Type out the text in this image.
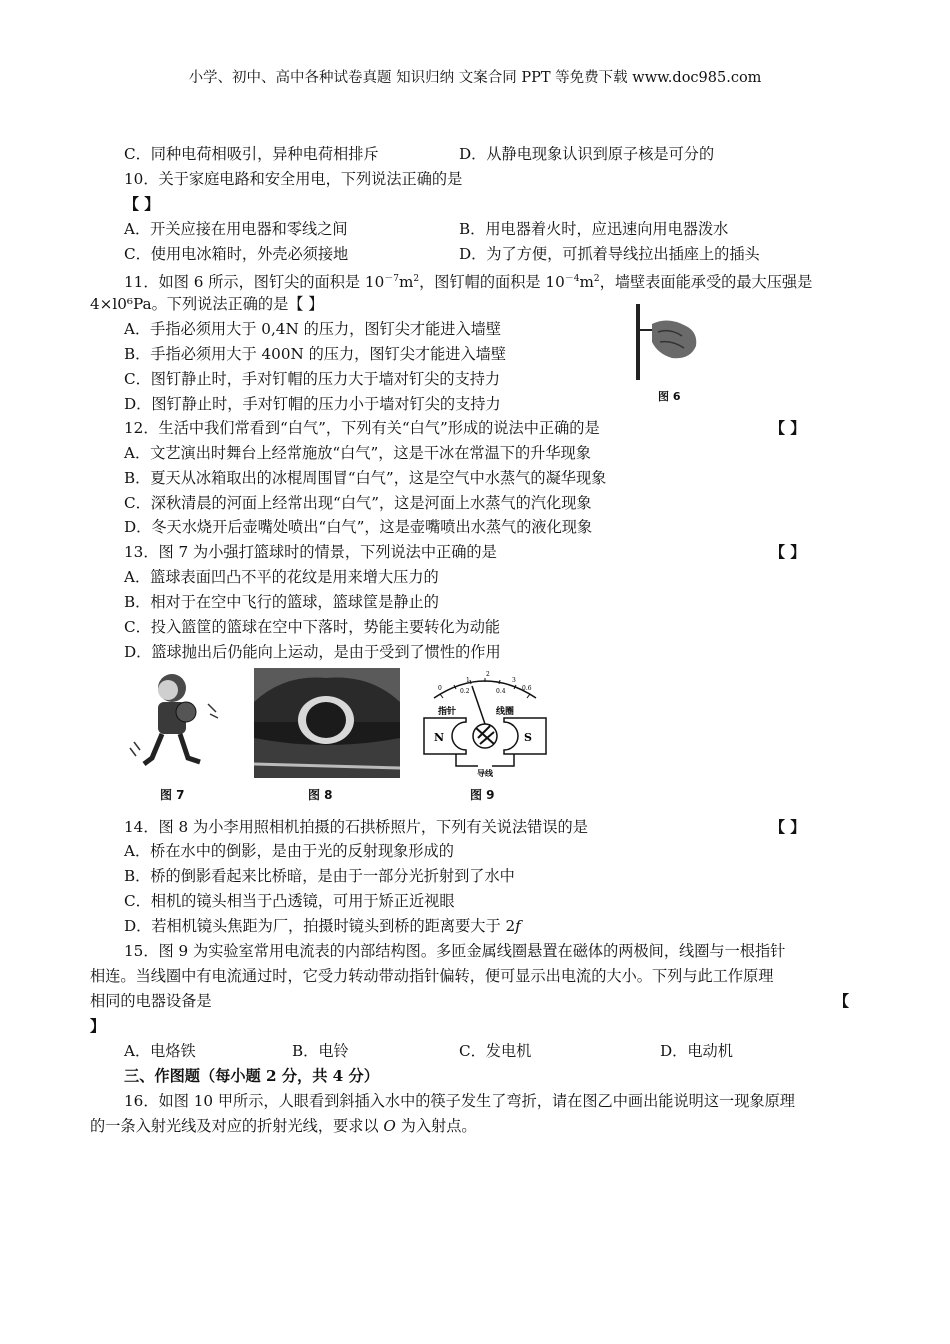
小学、初中、高中各种试卷真题 知识归纳 文案合同 PPT 等免费下载 www.doc985.com
C．同种电荷相吸引，异种电荷相排斥	D．从静电现象认识到原子核是可分的
10．关于家庭电路和安全用电，下列说法正确的是
【 】
A．开关应接在用电器和零线之间	B．用电器着火时，应迅速向用电器泼水
C．使用电冰箱时，外壳必须接地	D．为了方便，可抓着导线拉出插座上的插头
11．如图 6 所示，图钉尖的面积是 $10^{-7}m^2$，图钉帽的面积是 $10^{-4}m^2$，墙壁表面能承受的最大压强是
4×l0⁶Pa。下列说法正确的是【 】
A．手指必须用大于 0,4N 的压力，图钉尖才能进入墙壁
B．手指必须用大于 400N 的压力，图钉尖才能进入墙壁
C．图钉静止时，手对钉帽的压力大于墙对钉尖的支持力
D．图钉静止时，手对钉帽的压力小于墙对钉尖的支持力	图 6
12．生活中我们常看到“白气”，下列有关“白气”形成的说法中正确的是	【 】
A．文艺演出时舞台上经常施放“白气”，这是干冰在常温下的升华现象
B．夏天从冰箱取出的冰棍周围冒“白气”，这是空气中水蒸气的凝华现象
C．深秋清晨的河面上经常出现“白气”，这是河面上水蒸气的汽化现象
D．冬天水烧开后壶嘴处喷出“白气”，这是壶嘴喷出水蒸气的液化现象
13．图 7 为小强打篮球时的情景，下列说法中正确的是	【 】
A．篮球表面凹凸不平的花纹是用来增大压力的
B．相对于在空中飞行的篮球，篮球筐是静止的
C．投入篮筐的篮球在空中下落时，势能主要转化为动能
D．篮球抛出后仍能向上运动，是由于受到了惯性的作用
图 7	图 8
0	0.2	0.4	0.6
1
2
3
指针	线圈
N	S
导线
图 9
14．图 8 为小李用照相机拍摄的石拱桥照片，下列有关说法错误的是	【 】
A．桥在水中的倒影，是由于光的反射现象形成的
B．桥的倒影看起来比桥暗，是由于一部分光折射到了水中
C．相机的镜头相当于凸透镜，可用于矫正近视眼
D．若相机镜头焦距为厂，拍摄时镜头到桥的距离要大于 2f
15．图 9 为实验室常用电流表的内部结构图。多匝金属线圈悬置在磁体的两极间，线圈与一根指针
相连。当线圈中有电流通过时，它受力转动带动指针偏转，便可显示出电流的大小。下列与此工作原理
相同的电器设备是	【
】
A．电烙铁	B．电铃	C．发电机	D．电动机
三、作图题（每小题 2 分，共 4 分）
16．如图 10 甲所示，人眼看到斜插入水中的筷子发生了弯折，请在图乙中画出能说明这一现象原理
的一条入射光线及对应的折射光线，要求以 O 为入射点。
